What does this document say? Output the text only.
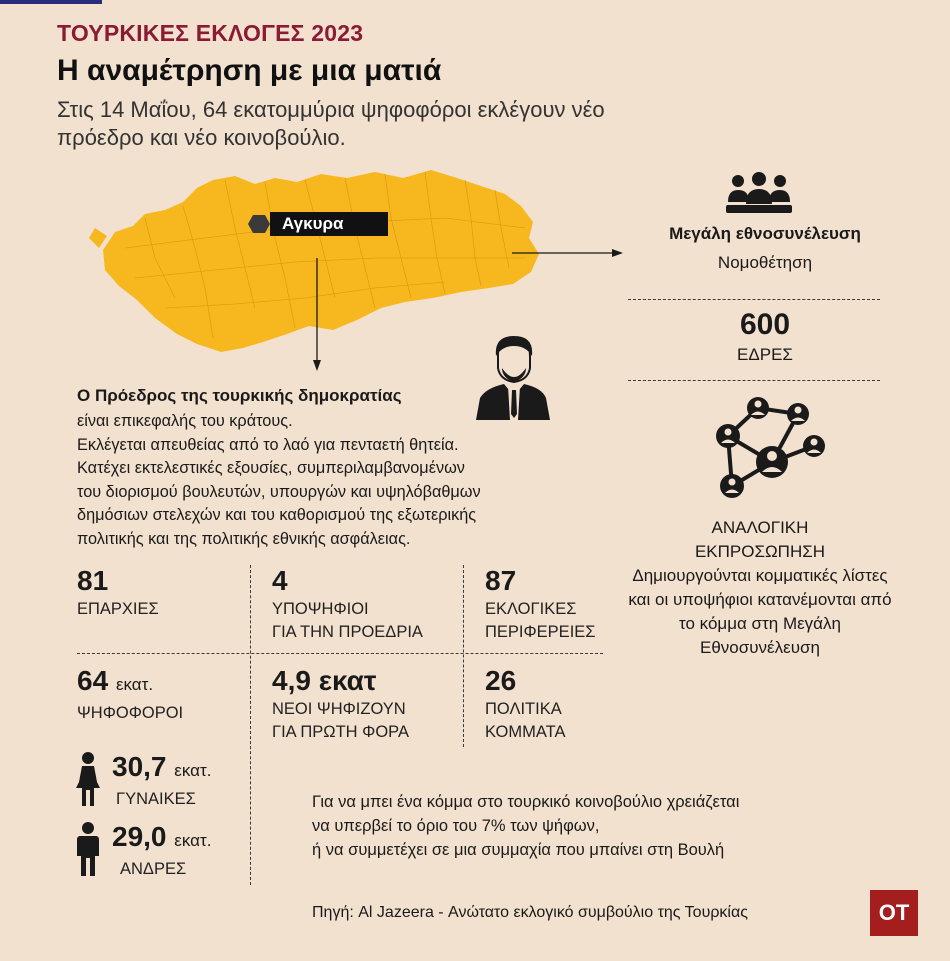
ΤΟΥΡΚΙΚΕΣ ΕΚΛΟΓΕΣ 2023
Η αναμέτρηση με μια ματιά
Στις 14 Μαΐου, 64 εκατομμύρια ψηφοφόροι εκλέγουν νέο πρόεδρο και νέο κοινοβούλιο.
Αγκυρα
Μεγάλη εθνοσυνέλευση
Νομοθέτηση
600
ΕΔΡΕΣ
ΑΝΑΛΟΓΙΚΗ
ΕΚΠΡΟΣΩΠΗΣΗ
Δημιουργούνται κομματικές λίστες και οι υποψήφιοι κατανέμονται από το κόμμα στη Μεγάλη Εθνοσυνέλευση
Ο Πρόεδρος της τουρκικής δημοκρατίας
είναι επικεφαλής του κράτους.
Εκλέγεται απευθείας από το λαό για πενταετή θητεία.
Κατέχει εκτελεστικές εξουσίες, συμπεριλαμβανομένων
του διορισμού βουλευτών, υπουργών και υψηλόβαθμων
δημόσιων στελεχών και του καθορισμού της εξωτερικής
πολιτικής και της πολιτικής εθνικής ασφάλειας.
81
ΕΠΑΡΧΙΕΣ
4
ΥΠΟΨΗΦΙΟΙ
ΓΙΑ ΤΗΝ ΠΡΟΕΔΡΙΑ
87
ΕΚΛΟΓΙΚΕΣ
ΠΕΡΙΦΕΡΕΙΕΣ
64 εκατ.
ΨΗΦΟΦΟΡΟΙ
4,9 εκατ
ΝΕΟΙ ΨΗΦΙΖΟΥΝ
ΓΙΑ ΠΡΩΤΗ ΦΟΡΑ
26
ΠΟΛΙΤΙΚΑ
ΚΟΜΜΑΤΑ
30,7 εκατ.
ΓΥΝΑΙΚΕΣ
29,0 εκατ.
ΑΝΔΡΕΣ
Για να μπει ένα κόμμα στο τουρκικό κοινοβούλιο χρειάζεται
να υπερβεί το όριο του 7% των ψήφων,
ή να συμμετέχει σε μια συμμαχία που μπαίνει στη Βουλή
Πηγή: Al Jazeera - Ανώτατο εκλογικό συμβούλιο της Τουρκίας	OT
